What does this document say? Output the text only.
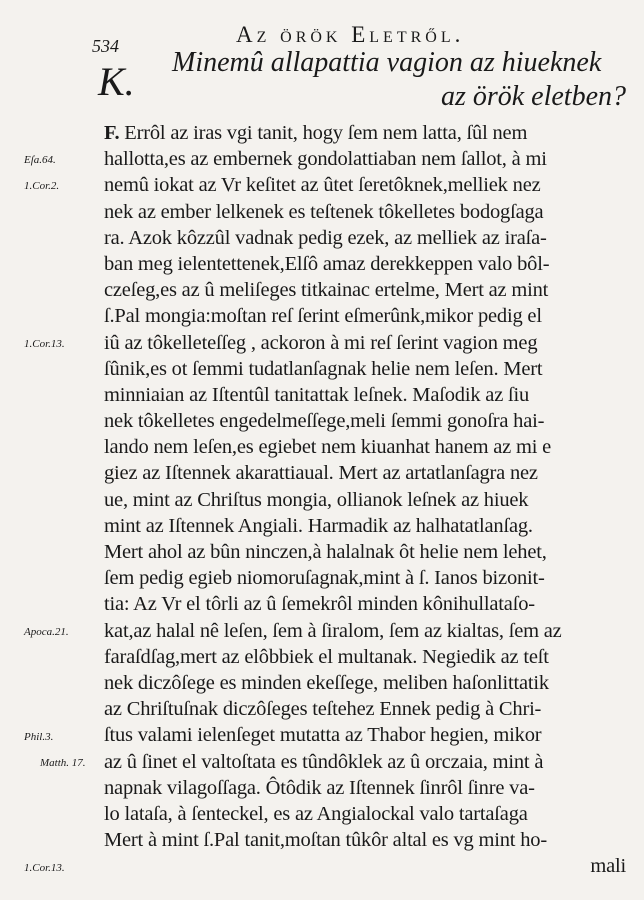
534	Az örök Eletről.
K. Minemû allapattia vagion az hiueknek
az örök eletben?
F. Errôl az iras vgi tanit, hogy ſem nem latta, ſûl nem
hallotta,es az embernek gondolattiaban nem ſallot, à mi
nemû iokat az Vr keſitet az ûtet ſeretôknek,melliek nez
nek az ember lelkenek es teſtenek tôkelletes bodogſaga
ra. Azok kôzzûl vadnak pedig ezek, az melliek az iraſa-
ban meg ielentettenek,Elſô amaz derekkeppen valo bôl-
czeſeg,es az û meliſeges titkainac ertelme, Mert az mint
ſ.Pal mongia:moſtan reſ ſerint eſmerûnk,mikor pedig el
iû az tôkelleteſſeg , ackoron à mi reſ ſerint vagion meg
ſûnik,es ot ſemmi tudatlanſagnak helie nem leſen. Mert
minniaian az Iſtentûl tanitattak leſnek. Maſodik az ſiu
nek tôkelletes engedelmeſſege,meli ſemmi gonoſra hai-
lando nem leſen,es egiebet nem kiuanhat hanem az mi e
giez az Iſtennek akarattiaual. Mert az artatlanſagra nez
ue, mint az Chriſtus mongia, ollianok leſnek az hiuek
mint az Iſtennek Angiali. Harmadik az halhatatlanſag.
Mert ahol az bûn ninczen,à halalnak ôt helie nem lehet,
ſem pedig egieb niomoruſagnak,mint à ſ. Ianos bizonit-
tia: Az Vr el tôrli az û ſemekrôl minden kônihullataſo-
kat,az halal nê leſen, ſem à ſiralom, ſem az kialtas, ſem az
faraſdſag,mert az elôbbiek el multanak. Negiedik az teſt
nek diczôſege es minden ekeſſege, meliben haſonlittatik
az Chriſtuſnak diczôſeges teſtehez Ennek pedig à Chri-
ſtus valami ielenſeget mutatta az Thabor hegien, mikor
az û ſinet el valtoſtata es tûndôklek az û orczaia, mint à
napnak vilagoſſaga. Ôtôdik az Iſtennek ſinrôl ſinre va-
lo lataſa, à ſenteckel, es az Angialockal valo tartaſaga
Mert à mint ſ.Pal tanit,moſtan tûkôr altal es vg mint ho-
mali
Eſa.64.
1.Cor.2.
1.Cor.13.
Apoca.21.
Phil.3.
Matth. 17.
1.Cor.13.
